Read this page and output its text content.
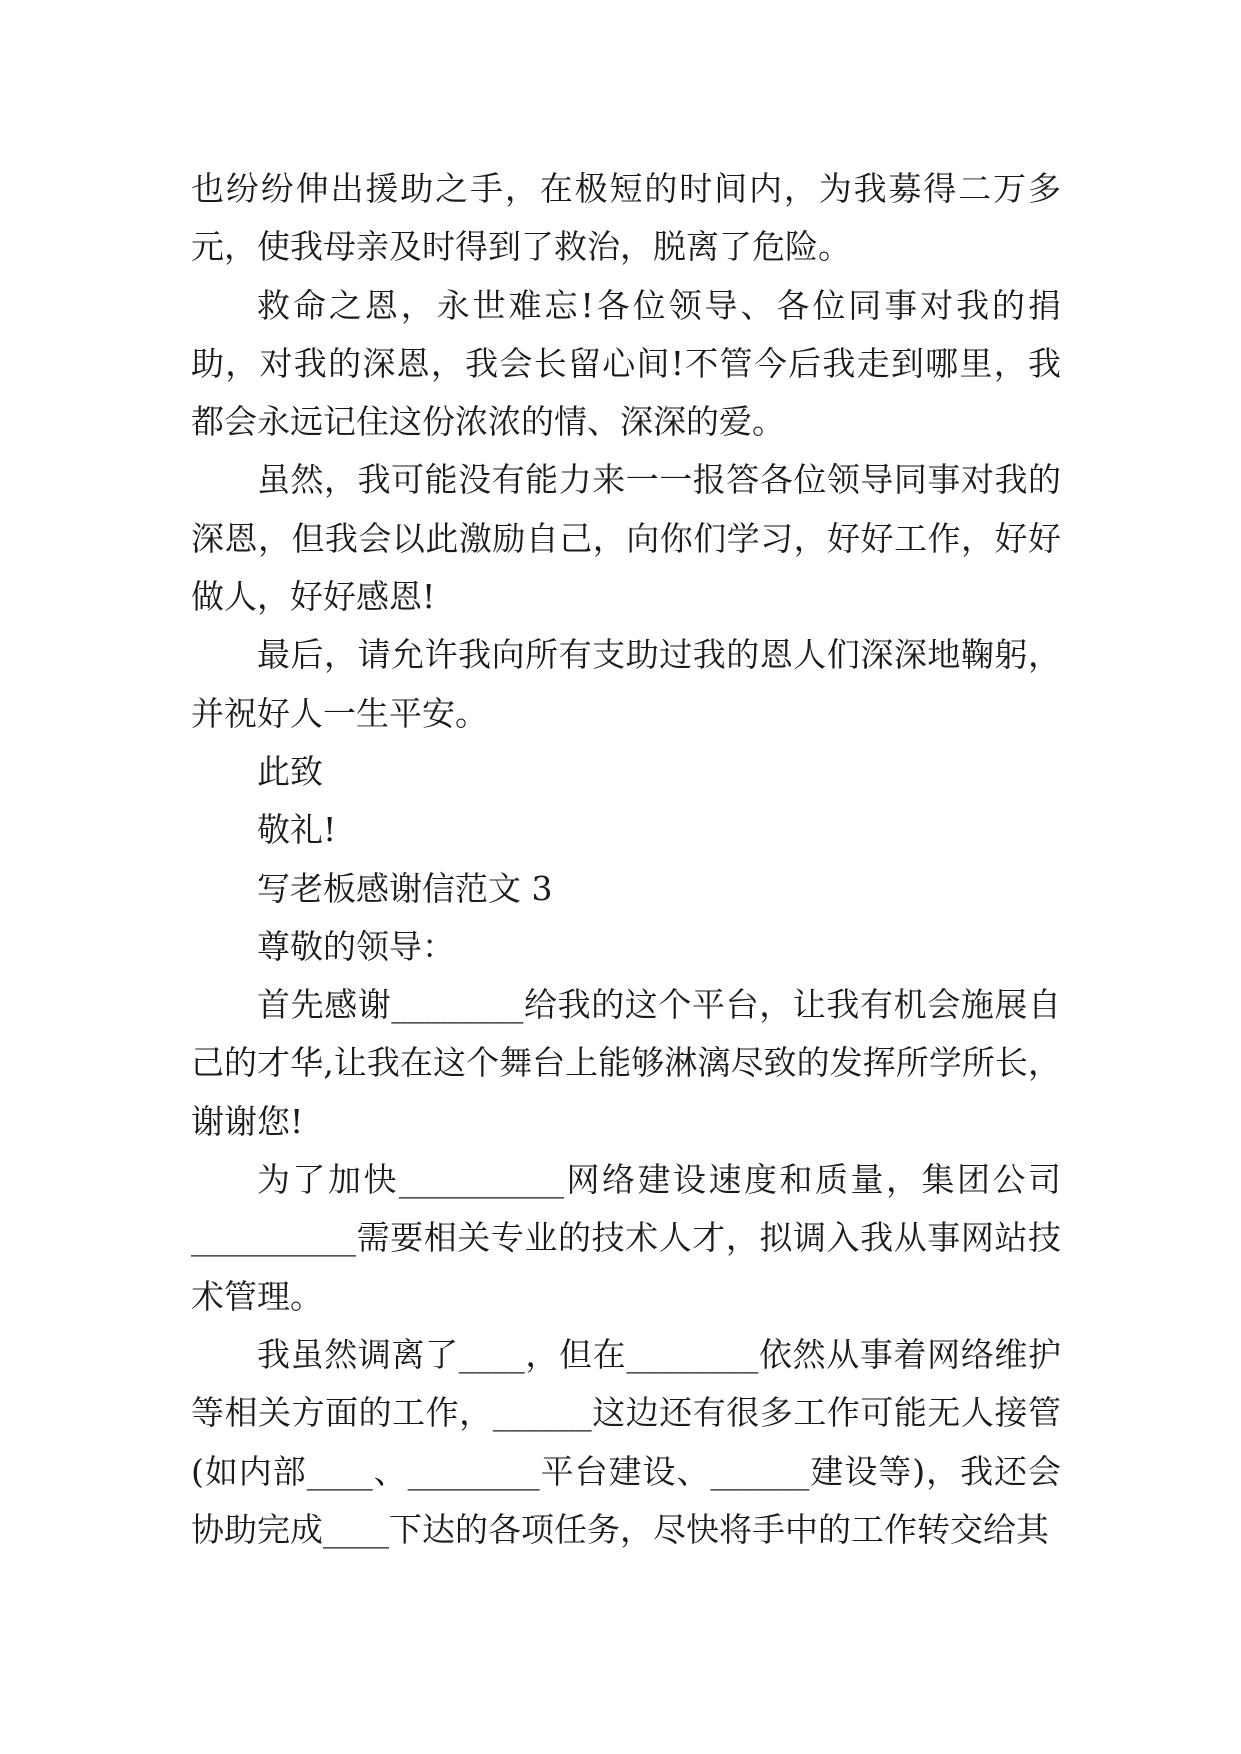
也纷纷伸出援助之手，在极短的时间内，为我募得二万多元，使我母亲及时得到了救治，脱离了危险。

救命之恩，永世难忘!各位领导、各位同事对我的捐助，对我的深恩，我会长留心间!不管今后我走到哪里，我都会永远记住这份浓浓的情、深深的爱。

虽然，我可能没有能力来一一报答各位领导同事对我的深恩，但我会以此激励自己，向你们学习，好好工作，好好做人，好好感恩!

最后，请允许我向所有支助过我的恩人们深深地鞠躬，并祝好人一生平安。

此致

敬礼!

写老板感谢信范文 3

尊敬的领导：

首先感谢________给我的这个平台，让我有机会施展自己的才华,让我在这个舞台上能够淋漓尽致的发挥所学所长，谢谢您!

为了加快__________网络建设速度和质量，集团公司__________需要相关专业的技术人才，拟调入我从事网站技术管理。

我虽然调离了____，但在________依然从事着网络维护等相关方面的工作，______这边还有很多工作可能无人接管(如内部____、________平台建设、______建设等)，我还会协助完成____下达的各项任务，尽快将手中的工作转交给其
